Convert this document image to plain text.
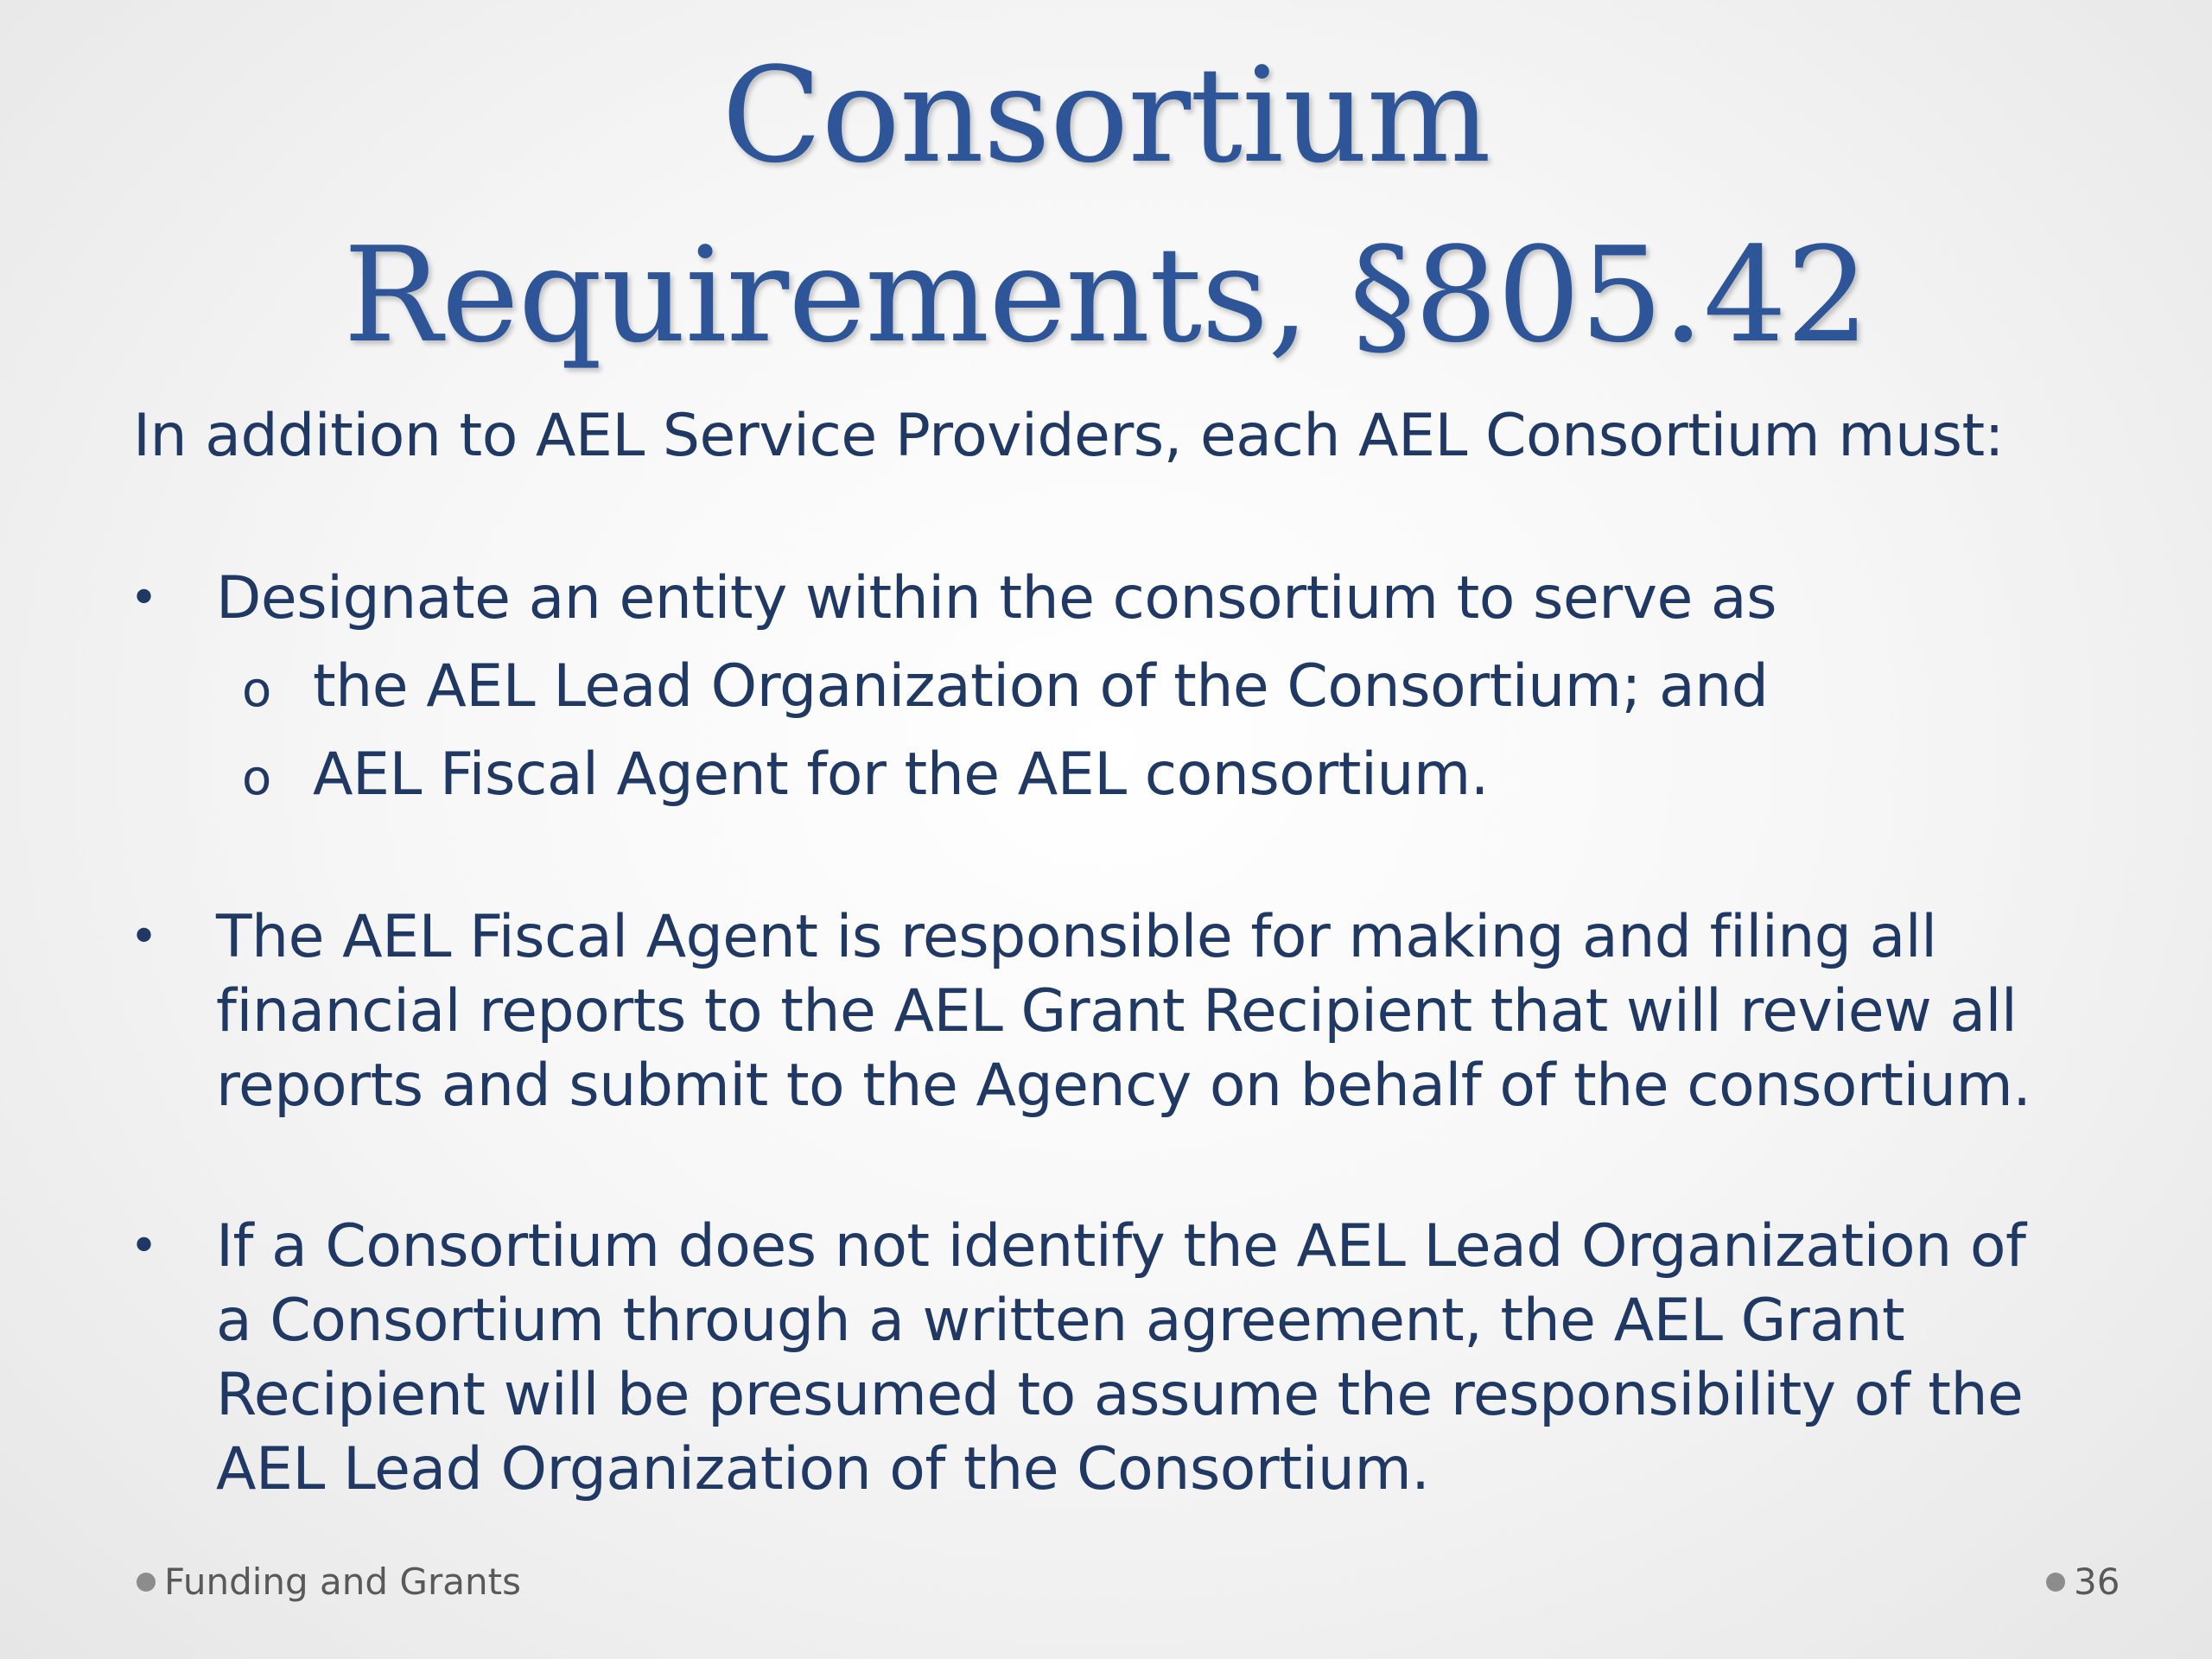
Consortium
Requirements, §805.42
In addition to AEL Service Providers, each AEL Consortium must:
• Designate an entity within the consortium to serve as
o the AEL Lead Organization of the Consortium; and
o AEL Fiscal Agent for the AEL consortium.
• The AEL Fiscal Agent is responsible for making and filing all
financial reports to the AEL Grant Recipient that will review all
reports and submit to the Agency on behalf of the consortium.
• If a Consortium does not identify the AEL Lead Organization of
a Consortium through a written agreement, the AEL Grant
Recipient will be presumed to assume the responsibility of the
AEL Lead Organization of the Consortium.
Funding and Grants	36
